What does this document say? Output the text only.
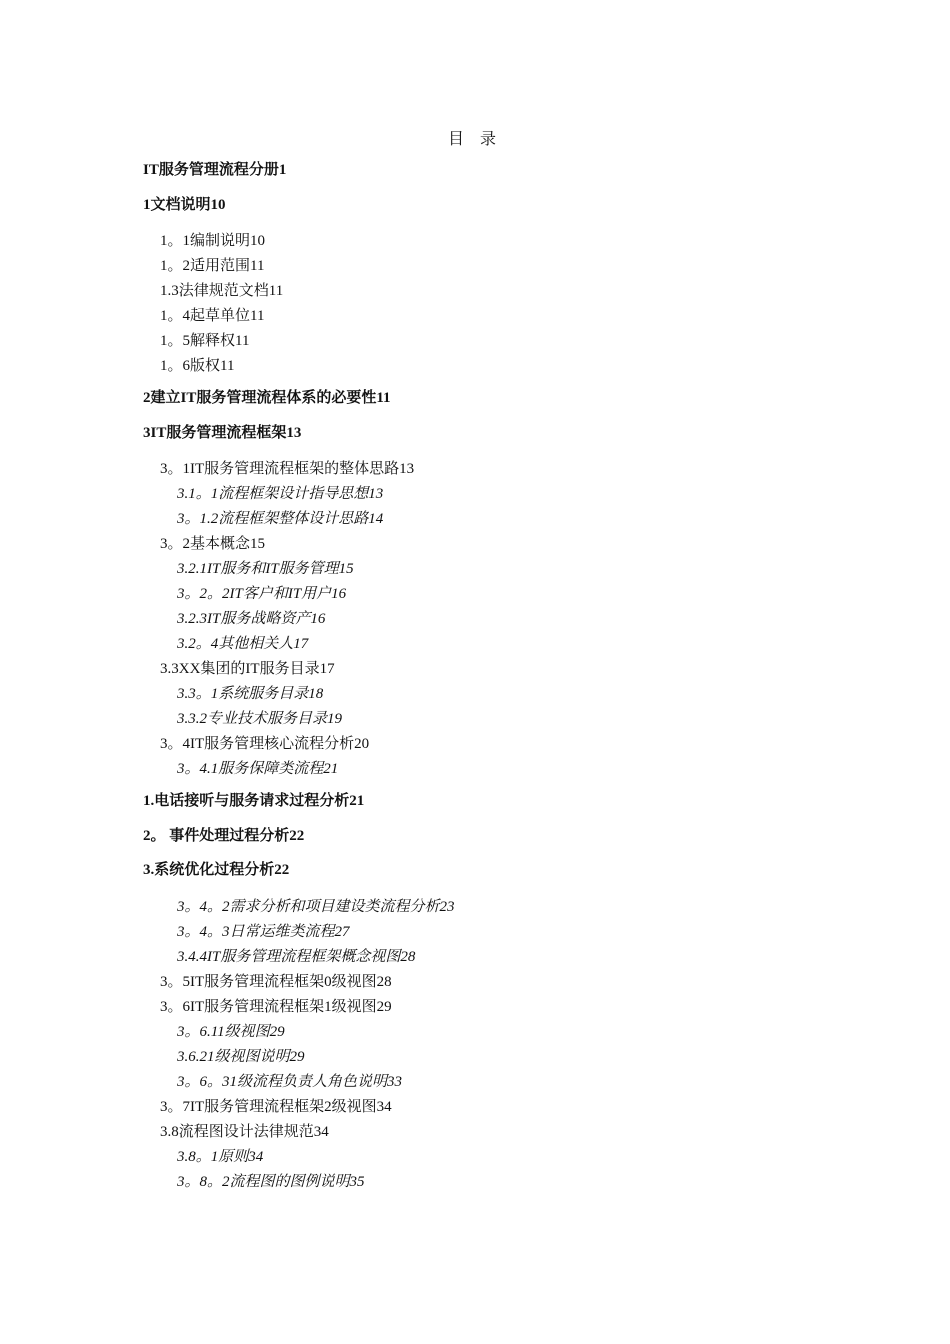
目 录
IT服务管理流程分册1
1文档说明10
1。1编制说明10
1。2适用范围11
1.3法律规范文档11
1。4起草单位11
1。5解释权11
1。6版权11
2建立IT服务管理流程体系的必要性11
3IT服务管理流程框架13
3。1IT服务管理流程框架的整体思路13
3.1。1流程框架设计指导思想13
3。1.2流程框架整体设计思路14
3。2基本概念15
3.2.1IT服务和IT服务管理15
3。2。2IT客户和IT用户16
3.2.3IT服务战略资产16
3.2。4其他相关人17
3.3XX集团的IT服务目录17
3.3。1系统服务目录18
3.3.2专业技术服务目录19
3。4IT服务管理核心流程分析20
3。4.1服务保障类流程21
1.电话接听与服务请求过程分析21
2。 事件处理过程分析22
3.系统优化过程分析22
3。4。2需求分析和项目建设类流程分析23
3。4。3日常运维类流程27
3.4.4IT服务管理流程框架概念视图28
3。5IT服务管理流程框架0级视图28
3。6IT服务管理流程框架1级视图29
3。6.11级视图29
3.6.21级视图说明29
3。6。31级流程负责人角色说明33
3。7IT服务管理流程框架2级视图34
3.8流程图设计法律规范34
3.8。1原则34
3。8。2流程图的图例说明35
